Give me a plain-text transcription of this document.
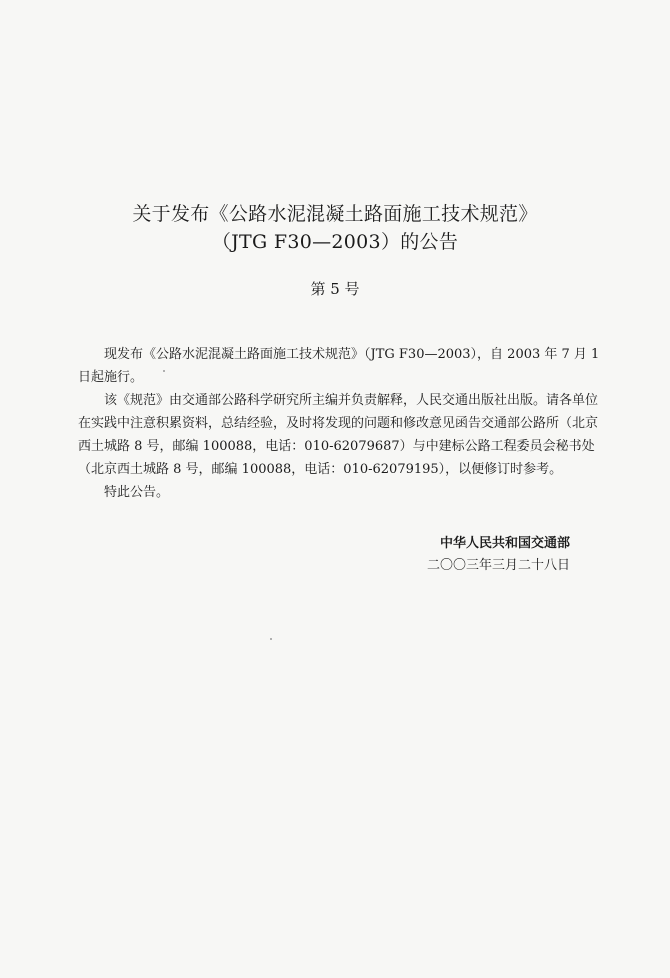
关于发布《公路水泥混凝土路面施工技术规范》
（JTG F30—2003）的公告
第 5 号

现发布《公路水泥混凝土路面施工技术规范》（JTG F30—2003），自 2003 年 7 月 1 日起施行。

该《规范》由交通部公路科学研究所主编并负责解释，人民交通出版社出版。请各单位在实践中注意积累资料，总结经验，及时将发现的问题和修改意见函告交通部公路所（北京西土城路 8 号，邮编 100088，电话：010-62079687）与中建标公路工程委员会秘书处（北京西土城路 8 号，邮编 100088，电话：010-62079195），以便修订时参考。

特此公告。

中华人民共和国交通部
二〇〇三年三月二十八日
